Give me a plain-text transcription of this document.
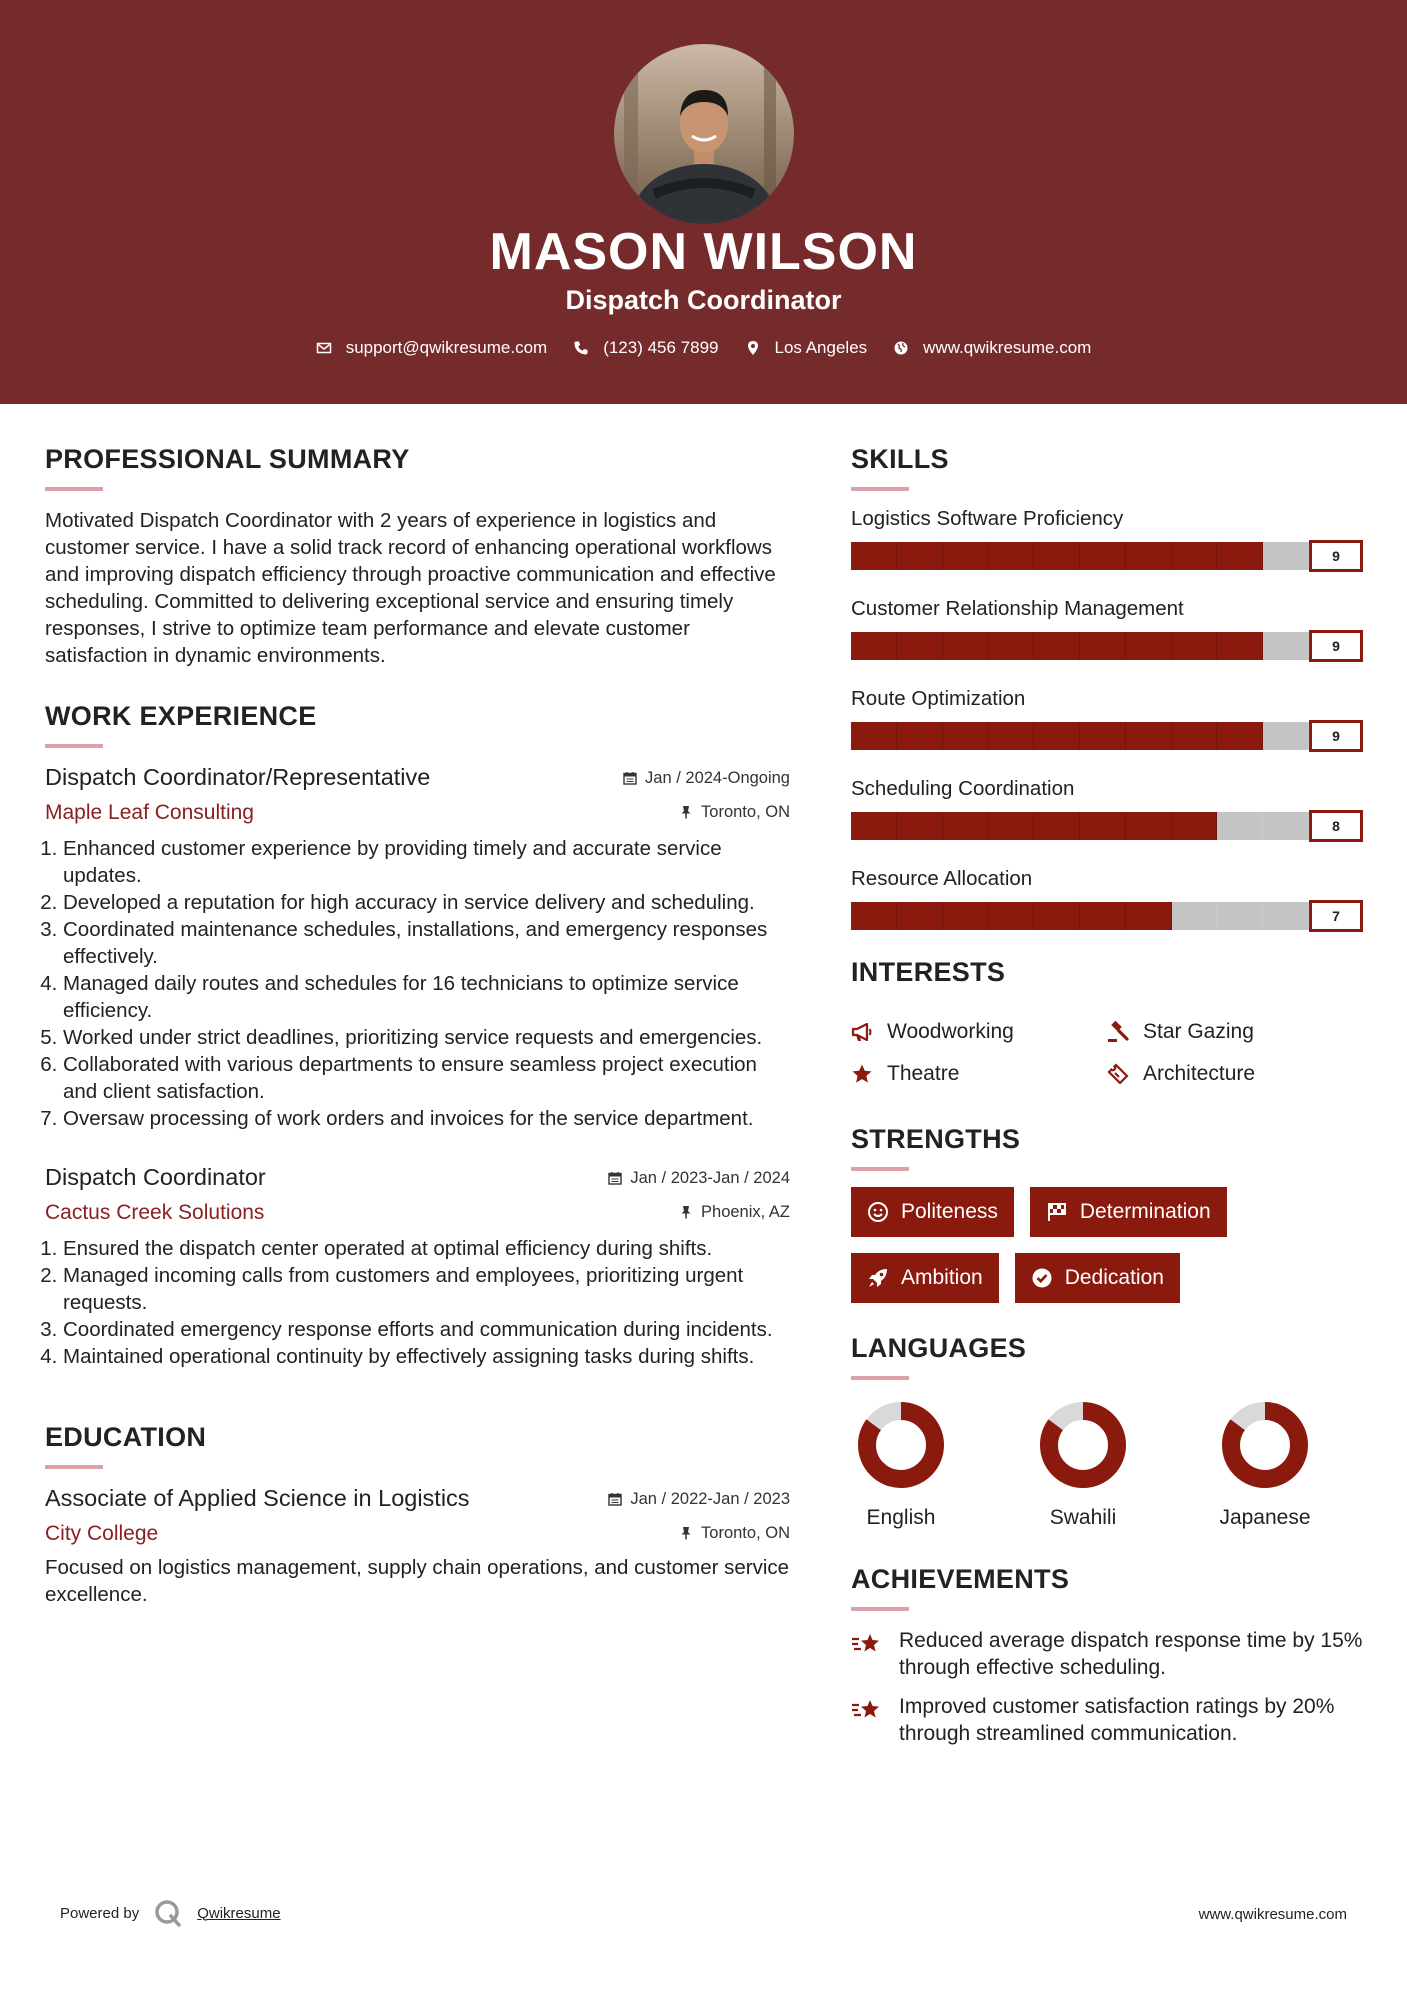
MASON WILSON
Dispatch Coordinator
support@qwikresume.com	(123) 456 7899	Los Angeles	www.qwikresume.com
PROFESSIONAL SUMMARY

Motivated Dispatch Coordinator with 2 years of experience in logistics and customer service. I have a solid track record of enhancing operational workflows and improving dispatch efficiency through proactive communication and effective scheduling. Committed to delivering exceptional service and ensuring timely responses, I strive to optimize team performance and elevate customer satisfaction in dynamic environments.

WORK EXPERIENCE

Dispatch Coordinator/Representative	Jan / 2024-Ongoing

Maple Leaf Consulting	Toronto, ON
1. Enhanced customer experience by providing timely and accurate service updates.
2. Developed a reputation for high accuracy in service delivery and scheduling.
3. Coordinated maintenance schedules, installations, and emergency responses effectively.
4. Managed daily routes and schedules for 16 technicians to optimize service efficiency.
5. Worked under strict deadlines, prioritizing service requests and emergencies.
6. Collaborated with various departments to ensure seamless project execution and client satisfaction.
7. Oversaw processing of work orders and invoices for the service department.

Dispatch Coordinator	Jan / 2023-Jan / 2024

Cactus Creek Solutions	Phoenix, AZ
1. Ensured the dispatch center operated at optimal efficiency during shifts.
2. Managed incoming calls from customers and employees, prioritizing urgent requests.
3. Coordinated emergency response efforts and communication during incidents.
4. Maintained operational continuity by effectively assigning tasks during shifts.
EDUCATION

Associate of Applied Science in Logistics	Jan / 2022-Jan / 2023

City College	Toronto, ON

Focused on logistics management, supply chain operations, and customer service excellence.

SKILLS

Logistics Software Proficiency

9

Customer Relationship Management

9

Route Optimization

9

Scheduling Coordination

8

Resource Allocation

7
INTERESTS
Woodworking	Star Gazing
Theatre	Architecture
STRENGTHS
Politeness	Determination
Ambition	Dedication
LANGUAGES
English	Swahili	Japanese
ACHIEVEMENTS
Reduced average dispatch response time by 15% through effective scheduling.
Improved customer satisfaction ratings by 20% through streamlined communication.
Powered by	Qwikresume	www.qwikresume.com
